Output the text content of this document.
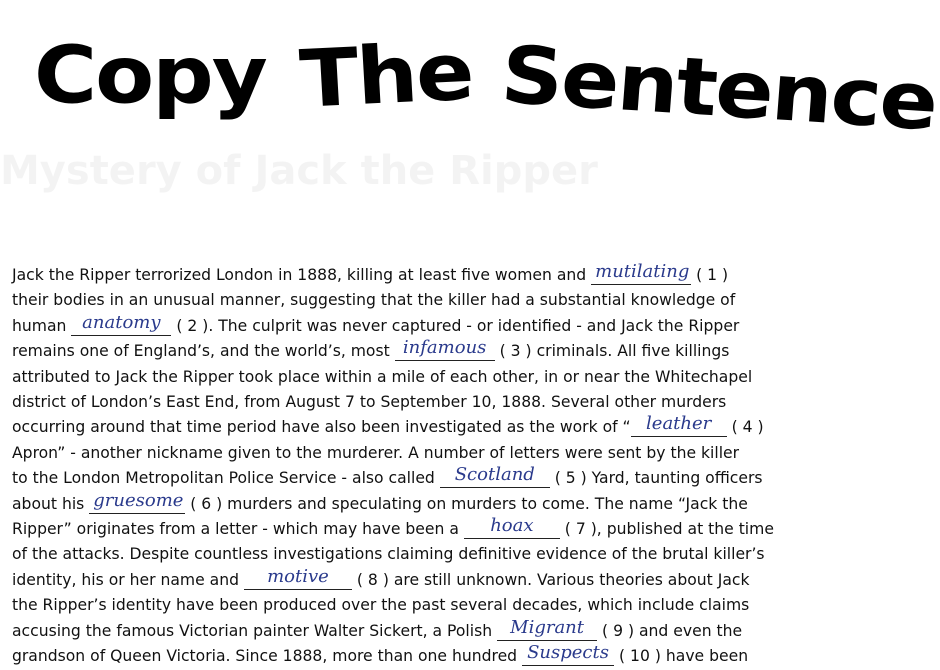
Copy The Sentence
Jack the Ripper terrorized London in 1888, killing at least five women and mutilating ( 1 )
their bodies in an unusual manner, suggesting that the killer had a substantial knowledge of
human anatomy ( 2 ). The culprit was never captured - or identified - and Jack the Ripper
remains one of England’s, and the world’s, most infamous ( 3 ) criminals. All five killings
attributed to Jack the Ripper took place within a mile of each other, in or near the Whitechapel
district of London’s East End, from August 7 to September 10, 1888. Several other murders
occurring around that time period have also been investigated as the work of “ leather ( 4 )
Apron” - another nickname given to the murderer. A number of letters were sent by the killer
to the London Metropolitan Police Service - also called Scotland ( 5 ) Yard, taunting officers
about his gruesome ( 6 ) murders and speculating on murders to come. The name “Jack the
Ripper” originates from a letter - which may have been a hoax ( 7 ), published at the time
of the attacks. Despite countless investigations claiming definitive evidence of the brutal killer’s
identity, his or her name and motive ( 8 ) are still unknown. Various theories about Jack
the Ripper’s identity have been produced over the past several decades, which include claims
accusing the famous Victorian painter Walter Sickert, a Polish Migrant ( 9 ) and even the
grandson of Queen Victoria. Since 1888, more than one hundred Suspects ( 10 ) have been
